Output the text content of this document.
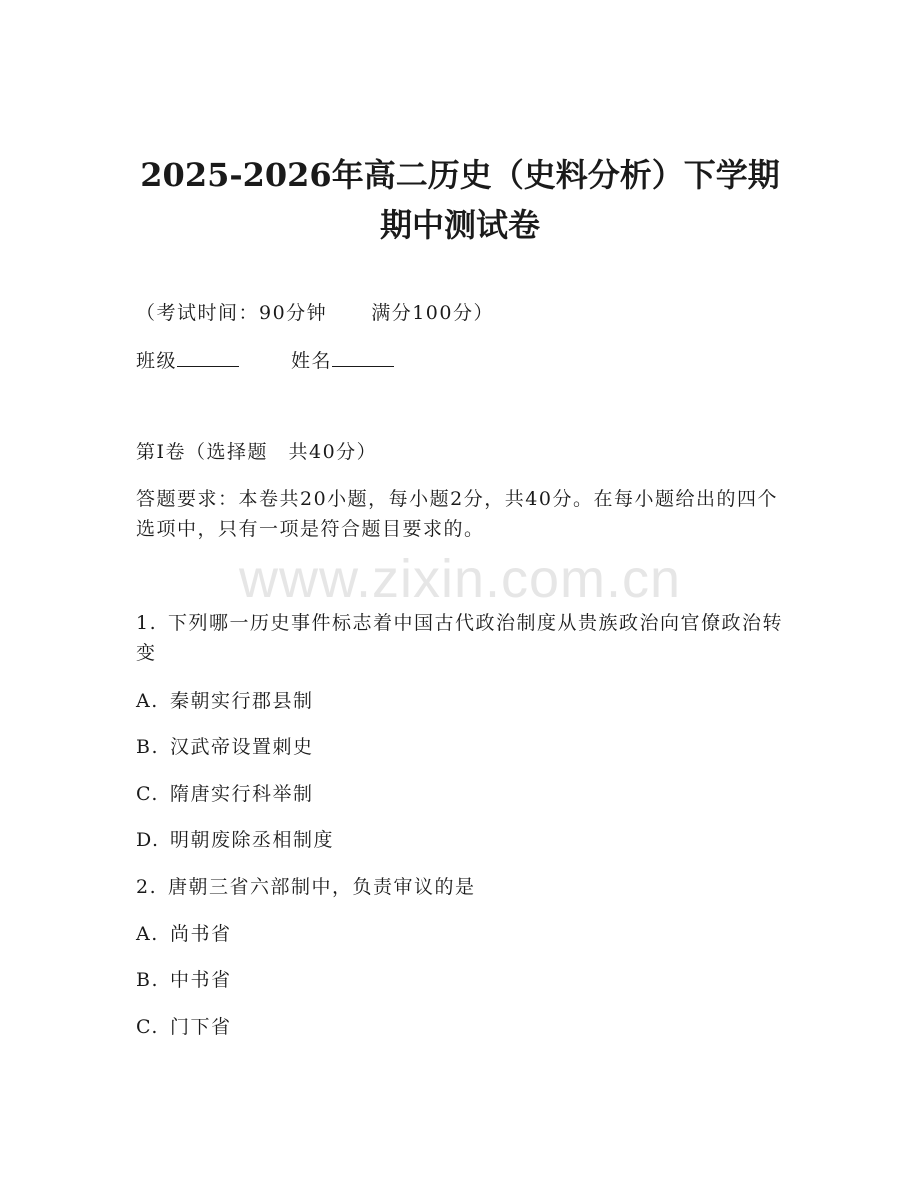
2025-2026年高二历史（史料分析）下学期
期中测试卷
（考试时间：90分钟 满分100分）
班级	姓名
第Ⅰ卷（选择题　共40分）
答题要求：本卷共20小题，每小题2分，共40分。在每小题给出的四个选项中，只有一项是符合题目要求的。
1. 下列哪一历史事件标志着中国古代政治制度从贵族政治向官僚政治转变
A. 秦朝实行郡县制
B. 汉武帝设置刺史
C. 隋唐实行科举制
D. 明朝废除丞相制度
2. 唐朝三省六部制中，负责审议的是
A. 尚书省
B. 中书省
C. 门下省
www.zixin.com.cn
